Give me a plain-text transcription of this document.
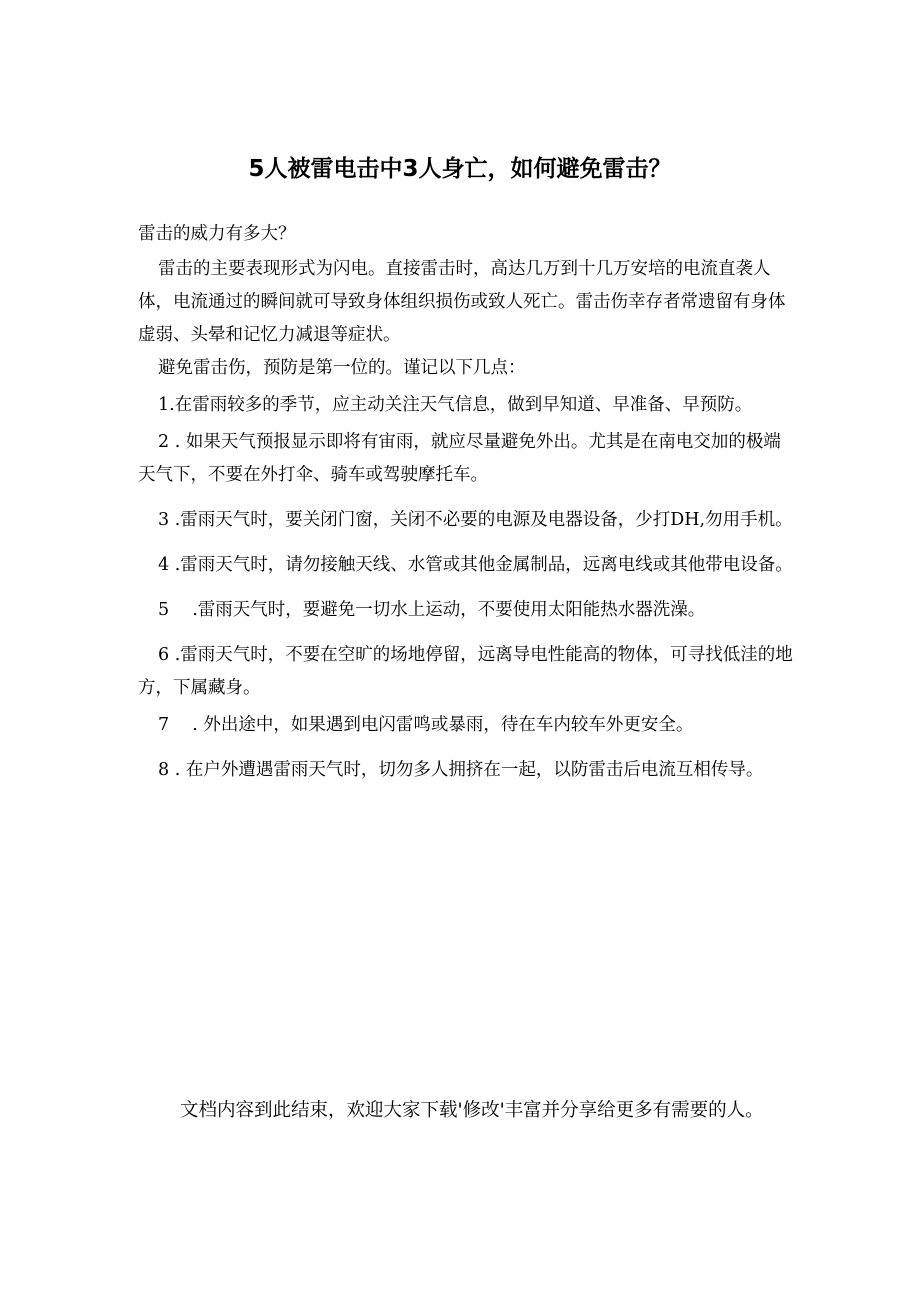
5人被雷电击中3人身亡，如何避免雷击？

雷击的威力有多大？

雷击的主要表现形式为闪电。直接雷击时，高达几万到十几万安培的电流直袭人体，电流通过的瞬间就可导致身体组织损伤或致人死亡。雷击伤幸存者常遗留有身体虚弱、头晕和记忆力减退等症状。

避免雷击伤，预防是第一位的。谨记以下几点：

1.在雷雨较多的季节，应主动关注天气信息，做到早知道、早准备、早预防。

2 . 如果天气预报显示即将有宙雨，就应尽量避免外出。尤其是在南电交加的极端天气下，不要在外打伞、骑车或驾驶摩托车。

3 .雷雨天气时，要关闭门窗，关闭不必要的电源及电器设备，少打DH,勿用手机。

4 .雷雨天气时，请勿接触天线、水管或其他金属制品，远离电线或其他带电设备。

5 　.雷雨天气时，要避免一切水上运动，不要使用太阳能热水器洗澡。

6 .雷雨天气时，不要在空旷的场地停留，远离导电性能高的物体，可寻找低洼的地方，下属藏身。

7 　. 外出途中，如果遇到电闪雷鸣或暴雨，待在车内较车外更安全。

8 . 在户外遭遇雷雨天气时，切勿多人拥挤在一起，以防雷击后电流互相传导。

文档内容到此结束，欢迎大家下载'修改'丰富并分享给更多有需要的人。
